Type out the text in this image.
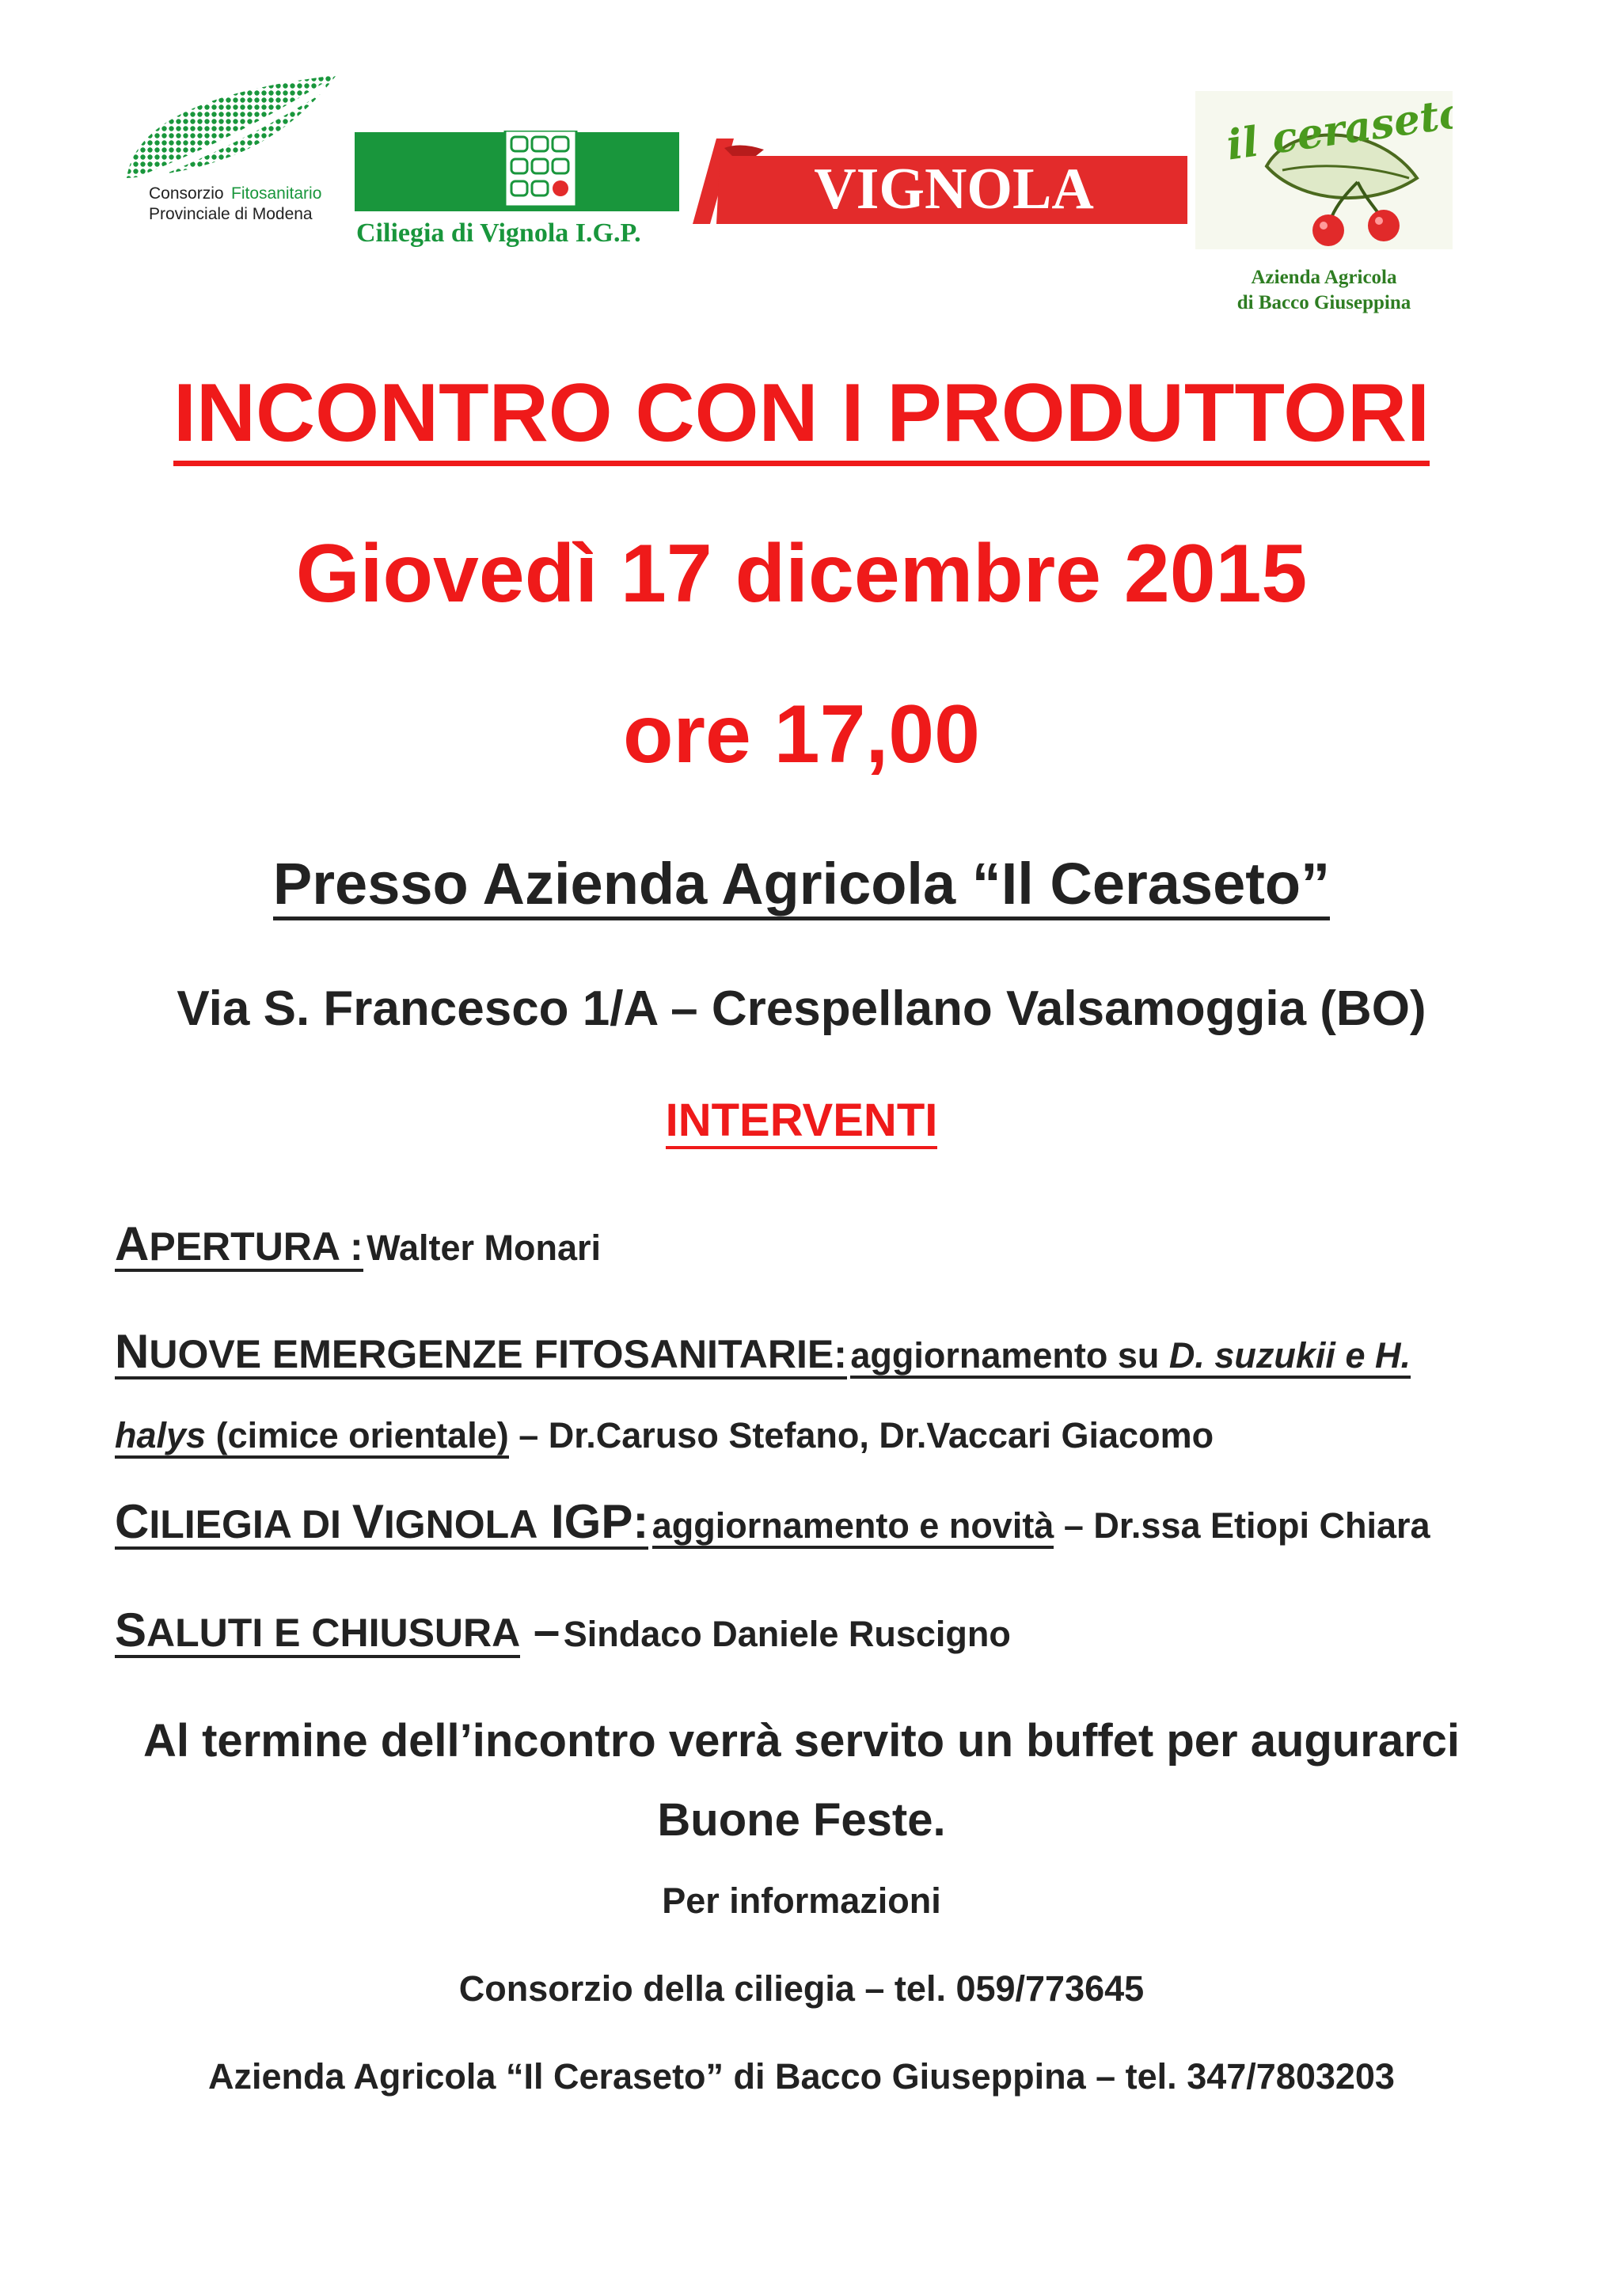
Consorzio Fitosanitario
Provinciale di Modena
Ciliegia di Vignola I.G.P.
VIGNOLA
il ceraseto
Azienda Agricola
di Bacco Giuseppina
INCONTRO CON I PRODUTTORI
Giovedì 17 dicembre 2015
ore 17,00
Presso Azienda Agricola “Il Ceraseto”
Via S. Francesco 1/A – Crespellano Valsamoggia (BO)
INTERVENTI
APERTURA : Walter Monari
NUOVE EMERGENZE FITOSANITARIE: aggiornamento su D. suzukii e H.
halys (cimice orientale) – Dr.Caruso Stefano, Dr.Vaccari Giacomo
CILIEGIA DI VIGNOLA IGP: aggiornamento e novità – Dr.ssa Etiopi Chiara
SALUTI E CHIUSURA – Sindaco Daniele Ruscigno
Al termine dell’incontro verrà servito un buffet per augurarci
Buone Feste.
Per informazioni
Consorzio della ciliegia – tel. 059/773645
Azienda Agricola “Il Ceraseto” di Bacco Giuseppina – tel. 347/7803203
